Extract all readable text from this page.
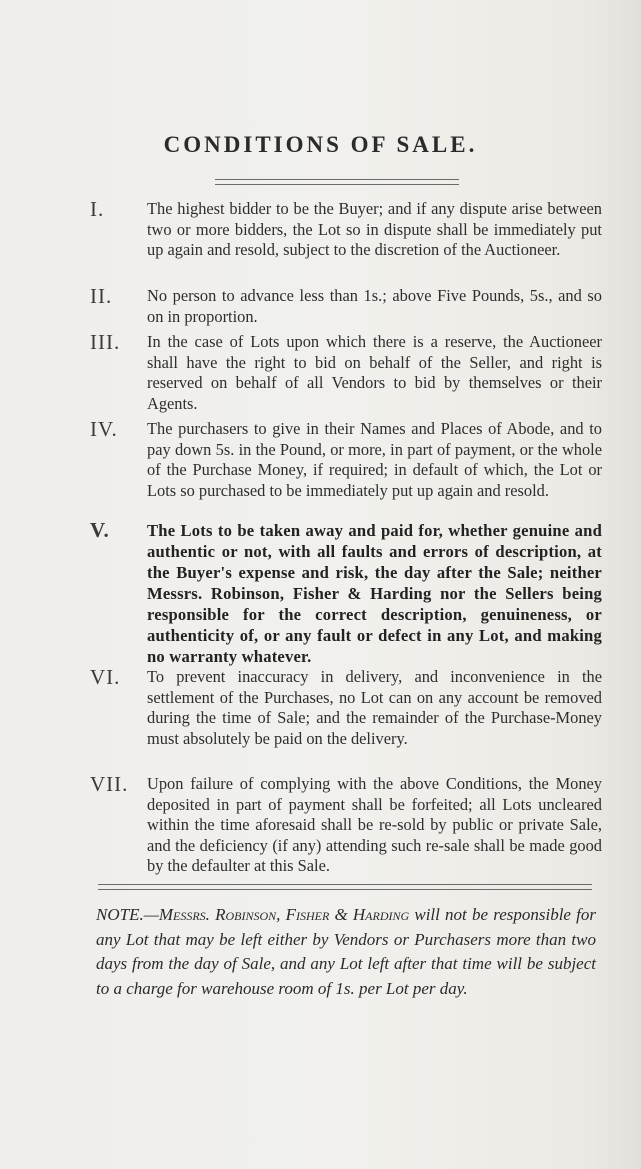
CONDITIONS OF SALE.
I.	The highest bidder to be the Buyer; and if any dispute arise between two or more bidders, the Lot so in dispute shall be immediately put up again and resold, subject to the discretion of the Auctioneer.
II.	No person to advance less than 1s.; above Five Pounds, 5s., and so on in proportion.
III.	In the case of Lots upon which there is a reserve, the Auctioneer shall have the right to bid on behalf of the Seller, and right is reserved on behalf of all Vendors to bid by themselves or their Agents.
IV.	The purchasers to give in their Names and Places of Abode, and to pay down 5s. in the Pound, or more, in part of payment, or the whole of the Purchase Money, if required; in default of which, the Lot or Lots so purchased to be immediately put up again and resold.
V.	The Lots to be taken away and paid for, whether genuine and authentic or not, with all faults and errors of description, at the Buyer's expense and risk, the day after the Sale; neither Messrs. Robinson, Fisher & Harding nor the Sellers being responsible for the correct description, genuineness, or authenticity of, or any fault or defect in any Lot, and making no warranty whatever.
VI.	To prevent inaccuracy in delivery, and inconvenience in the settlement of the Purchases, no Lot can on any account be removed during the time of Sale; and the remainder of the Purchase-Money must absolutely be paid on the delivery.
VII.	Upon failure of complying with the above Conditions, the Money deposited in part of payment shall be forfeited; all Lots uncleared within the time aforesaid shall be re-sold by public or private Sale, and the deficiency (if any) attending such re-sale shall be made good by the defaulter at this Sale.
NOTE.—Messrs. Robinson, Fisher & Harding will not be responsible for any Lot that may be left either by Vendors or Purchasers more than two days from the day of Sale, and any Lot left after that time will be subject to a charge for warehouse room of 1s. per Lot per day.
